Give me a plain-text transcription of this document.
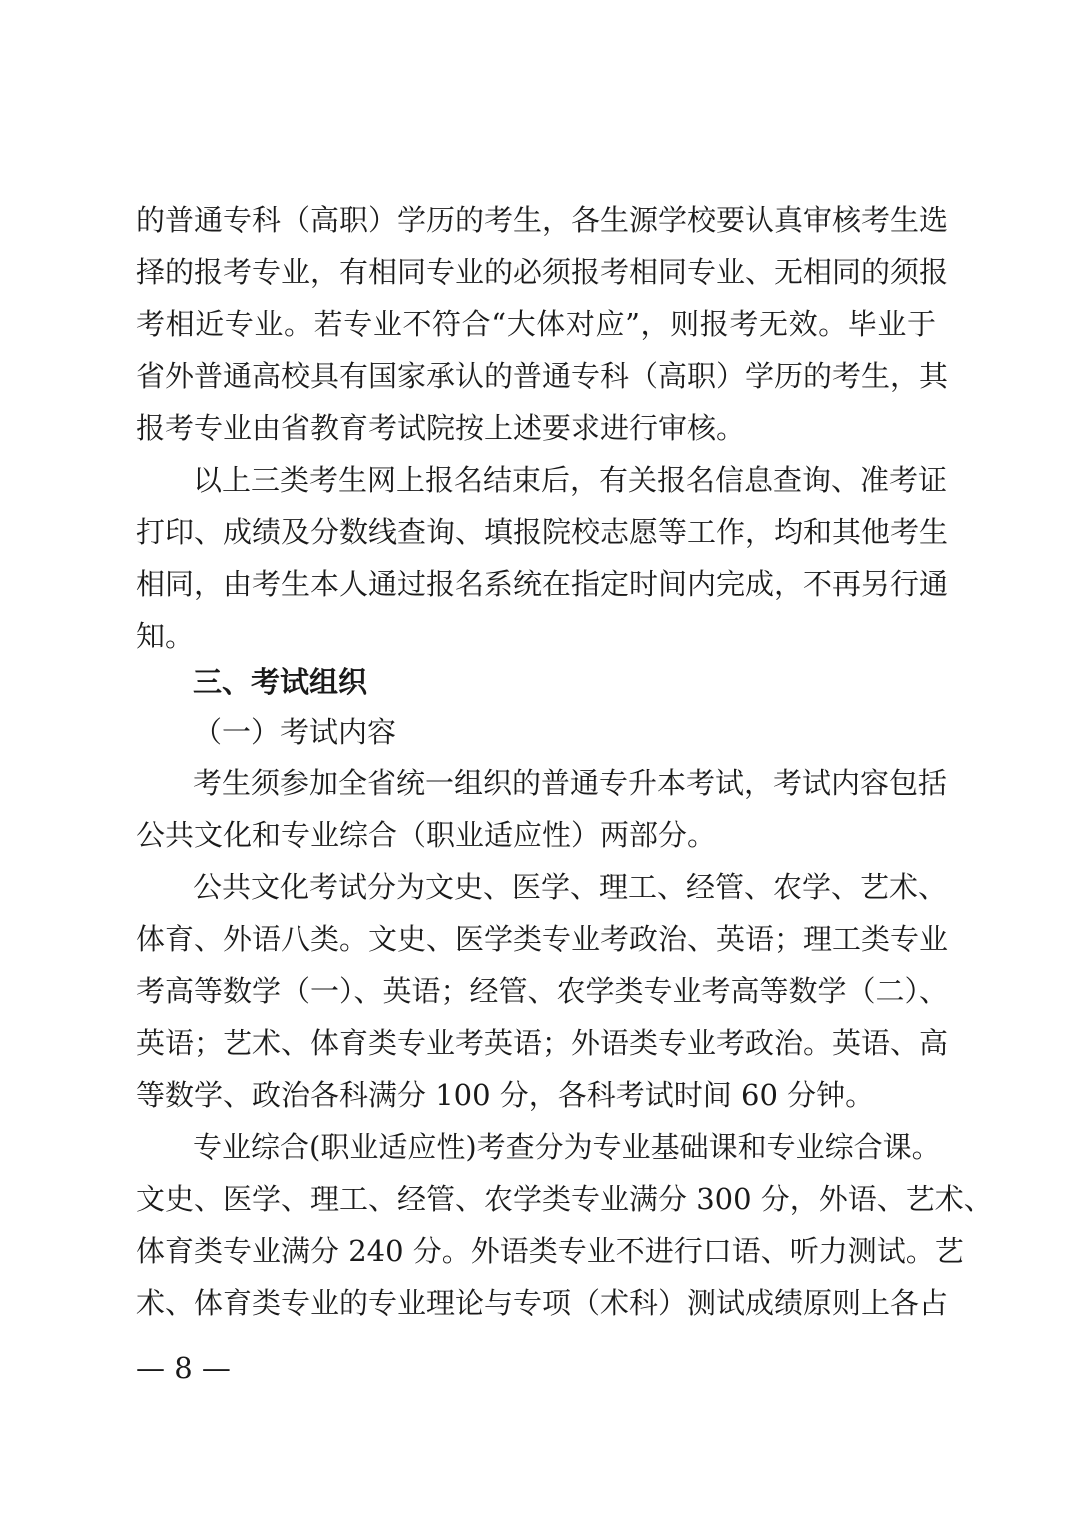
的普通专科（高职）学历的考生，各生源学校要认真审核考生选
择的报考专业，有相同专业的必须报考相同专业、无相同的须报
考相近专业。若专业不符合“大体对应”，则报考无效。毕业于
省外普通高校具有国家承认的普通专科（高职）学历的考生，其
报考专业由省教育考试院按上述要求进行审核。
以上三类考生网上报名结束后，有关报名信息查询、准考证
打印、成绩及分数线查询、填报院校志愿等工作，均和其他考生
相同，由考生本人通过报名系统在指定时间内完成，不再另行通
知。
三、考试组织
（一）考试内容
考生须参加全省统一组织的普通专升本考试，考试内容包括
公共文化和专业综合（职业适应性）两部分。
公共文化考试分为文史、医学、理工、经管、农学、艺术、
体育、外语八类。文史、医学类专业考政治、英语；理工类专业
考高等数学（一）、英语；经管、农学类专业考高等数学（二）、
英语；艺术、体育类专业考英语；外语类专业考政治。英语、高
等数学、政治各科满分 100 分，各科考试时间 60 分钟。
专业综合(职业适应性)考查分为专业基础课和专业综合课。
文史、医学、理工、经管、农学类专业满分 300 分，外语、艺术、
体育类专业满分 240 分。外语类专业不进行口语、听力测试。艺
术、体育类专业的专业理论与专项（术科）测试成绩原则上各占
— 8 —
